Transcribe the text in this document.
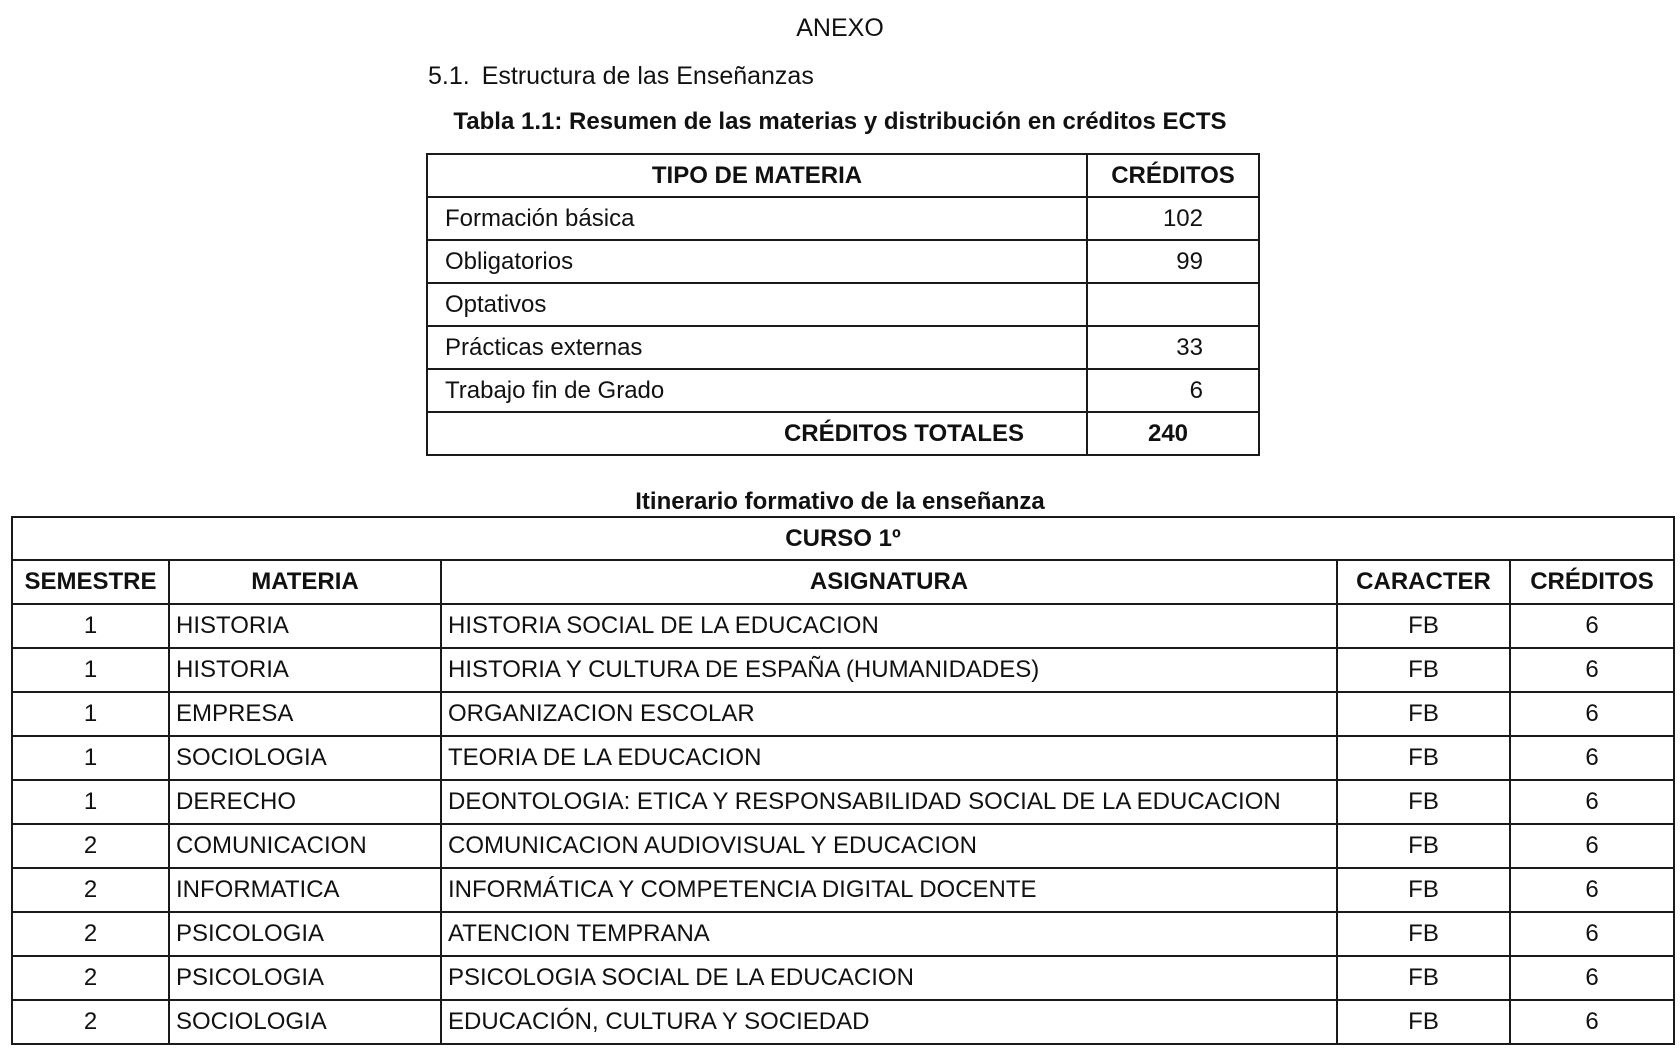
ANEXO
5.1. Estructura de las Enseñanzas
Tabla 1.1: Resumen de las materias y distribución en créditos ECTS
TIPO DE MATERIA	CRÉDITOS
Formación básica	102
Obligatorios	99
Optativos	
Prácticas externas	33
Trabajo fin de Grado	6
CRÉDITOS TOTALES	240
Itinerario formativo de la enseñanza
CURSO 1º				
SEMESTRE	MATERIA	ASIGNATURA	CARACTER	CRÉDITOS
1	HISTORIA	HISTORIA SOCIAL DE LA EDUCACION	FB	6
1	HISTORIA	HISTORIA Y CULTURA DE ESPAÑA (HUMANIDADES)	FB	6
1	EMPRESA	ORGANIZACION ESCOLAR	FB	6
1	SOCIOLOGIA	TEORIA DE LA EDUCACION	FB	6
1	DERECHO	DEONTOLOGIA: ETICA Y RESPONSABILIDAD SOCIAL DE LA EDUCACION	FB	6
2	COMUNICACION	COMUNICACION AUDIOVISUAL Y EDUCACION	FB	6
2	INFORMATICA	INFORMÁTICA Y COMPETENCIA DIGITAL DOCENTE	FB	6
2	PSICOLOGIA	ATENCION TEMPRANA	FB	6
2	PSICOLOGIA	PSICOLOGIA SOCIAL DE LA EDUCACION	FB	6
2	SOCIOLOGIA	EDUCACIÓN, CULTURA Y SOCIEDAD	FB	6
